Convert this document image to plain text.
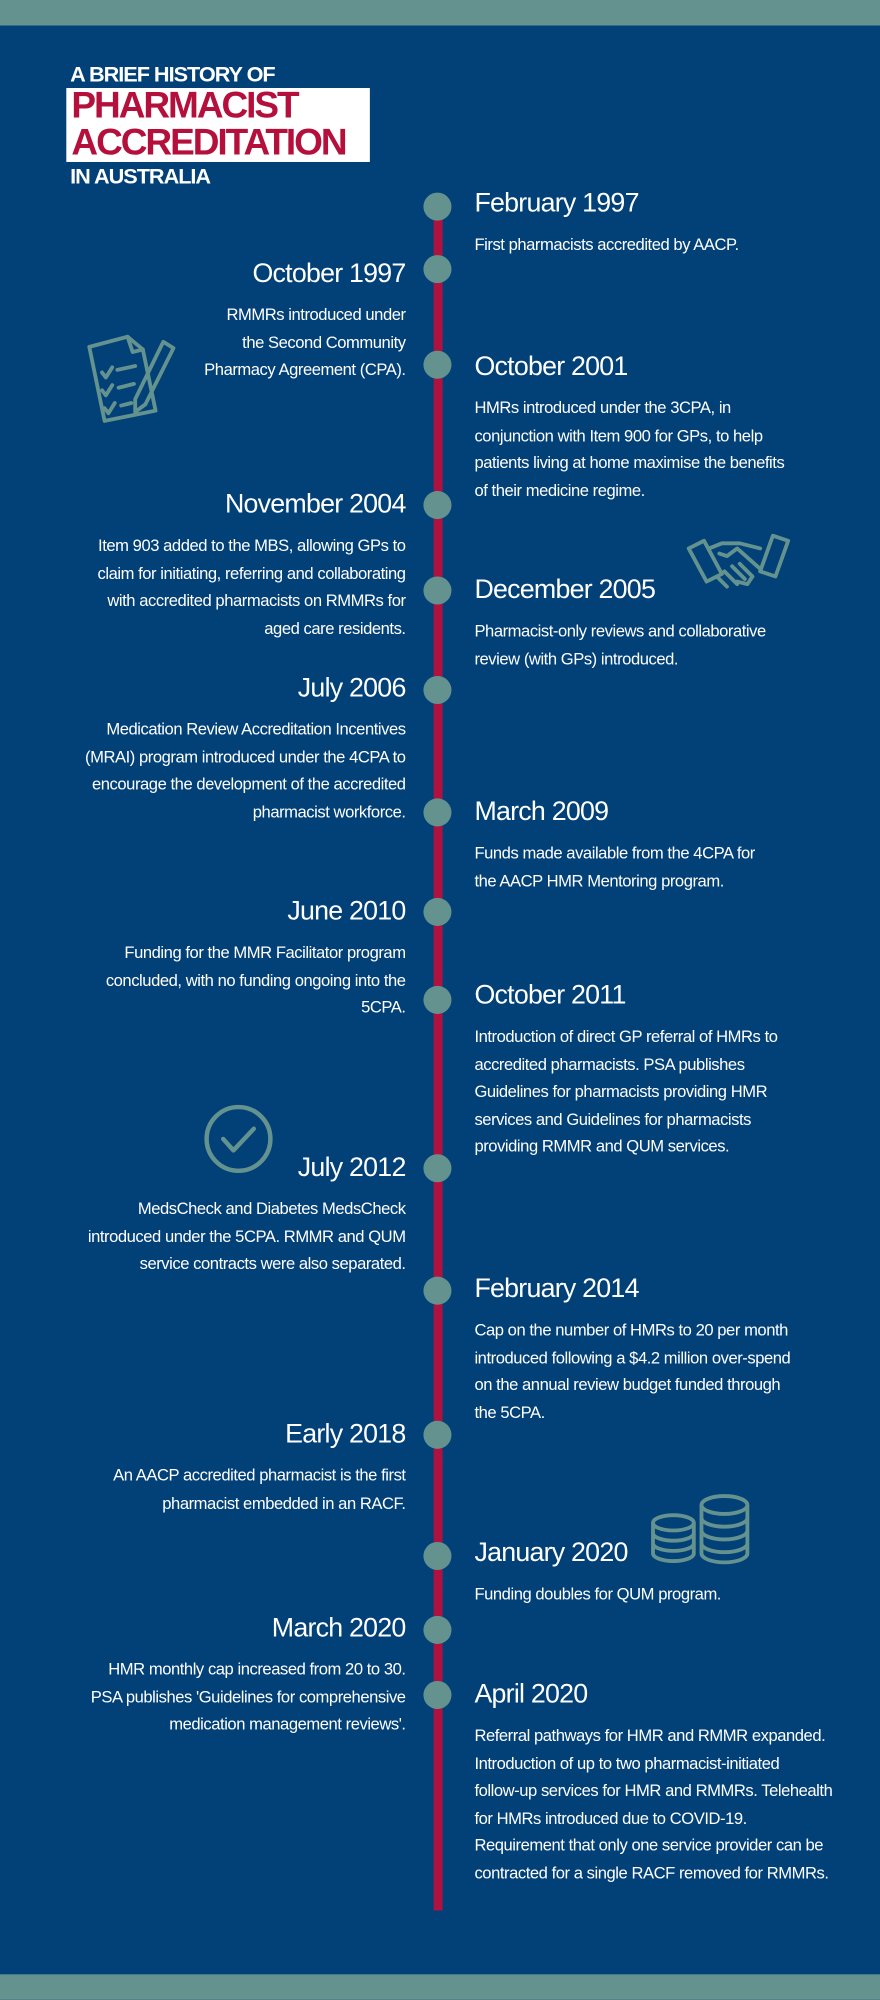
A BRIEF HISTORY OF
PHARMACIST
ACCREDITATION
IN AUSTRALIA
February 1997

First pharmacists accredited by AACP.

October 1997

RMMRs introduced under
the Second Community
Pharmacy Agreement (CPA).	October 2001

HMRs introduced under the 3CPA, in
conjunction with Item 900 for GPs, to help
patients living at home maximise the benefits
of their medicine regime.

November 2004

Item 903 added to the MBS, allowing GPs to
claim for initiating, referring and collaborating
with accredited pharmacists on RMMRs for
aged care residents.

December 2005

Pharmacist-only reviews and collaborative
review (with GPs) introduced.

July 2006

Medication Review Accreditation Incentives
(MRAI) program introduced under the 4CPA to
encourage the development of the accredited
pharmacist workforce.	March 2009

Funds made available from the 4CPA for
the AACP HMR Mentoring program.

June 2010

Funding for the MMR Facilitator program
concluded, with no funding ongoing into the
5CPA.	October 2011

Introduction of direct GP referral of HMRs to
accredited pharmacists. PSA publishes
Guidelines for pharmacists providing HMR
services and Guidelines for pharmacists
providing RMMR and QUM services.

July 2012

MedsCheck and Diabetes MedsCheck
introduced under the 5CPA. RMMR and QUM
service contracts were also separated.

February 2014

Cap on the number of HMRs to 20 per month
introduced following a $4.2 million over-spend
on the annual review budget funded through
the 5CPA.

Early 2018

An AACP accredited pharmacist is the first
pharmacist embedded in an RACF.

January 2020

Funding doubles for QUM program.

March 2020

HMR monthly cap increased from 20 to 30.
PSA publishes 'Guidelines for comprehensive
medication management reviews'.

April 2020

Referral pathways for HMR and RMMR expanded.
Introduction of up to two pharmacist-initiated
follow-up services for HMR and RMMRs. Telehealth
for HMRs introduced due to COVID-19.
Requirement that only one service provider can be
contracted for a single RACF removed for RMMRs.
